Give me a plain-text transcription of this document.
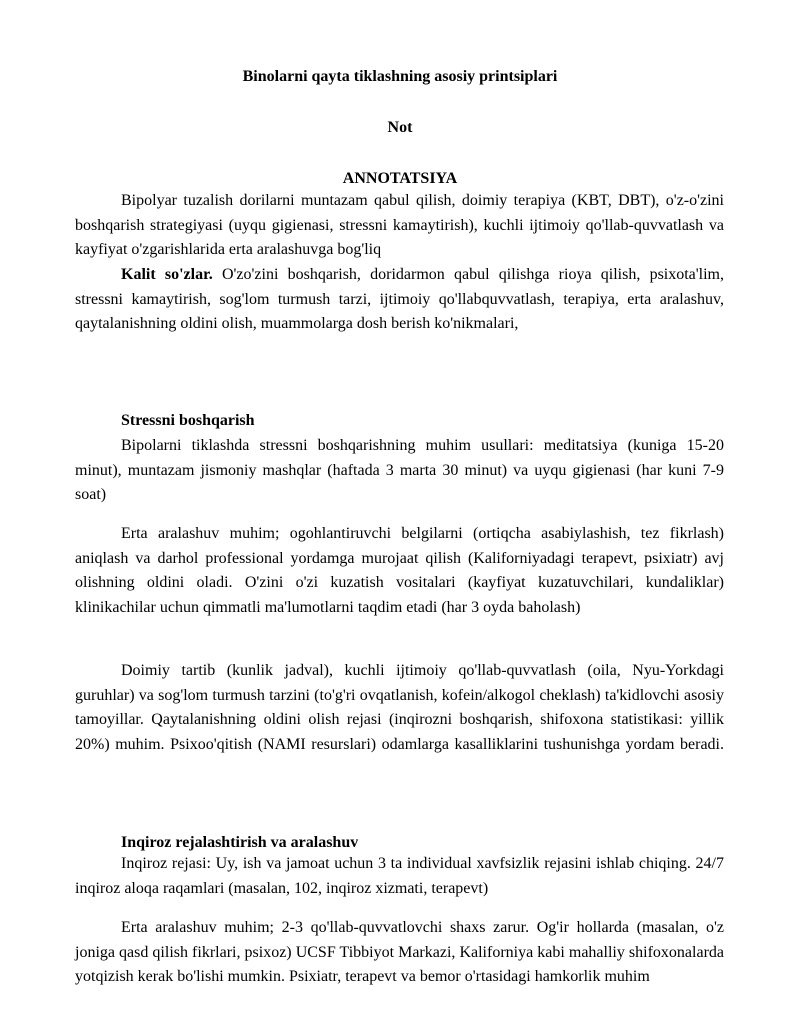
Binolarni qayta tiklashning asosiy printsiplari

Not

ANNOTATSIYA

Bipolyar tuzalish dorilarni muntazam qabul qilish, doimiy terapiya (KBT, DBT), o'z-o'zini boshqarish strategiyasi (uyqu gigienasi, stressni kamaytirish), kuchli ijtimoiy qo'llab-quvvatlash va kayfiyat o'zgarishlarida erta aralashuvga bog'liq

Kalit so'zlar. O'zo'zini boshqarish, doridarmon qabul qilishga rioya qilish, psixota'lim, stressni kamaytirish, sog'lom turmush tarzi, ijtimoiy qo'llabquvvatlash, terapiya, erta aralashuv, qaytalanishning oldini olish, muammolarga dosh berish ko'nikmalari,

Stressni boshqarish

Bipolarni tiklashda stressni boshqarishning muhim usullari: meditatsiya (kuniga 15-20 minut), muntazam jismoniy mashqlar (haftada 3 marta 30 minut) va uyqu gigienasi (har kuni 7-9 soat)

Erta aralashuv muhim; ogohlantiruvchi belgilarni (ortiqcha asabiylashish, tez fikrlash) aniqlash va darhol professional yordamga murojaat qilish (Kaliforniyadagi terapevt, psixiatr) avj olishning oldini oladi. O'zini o'zi kuzatish vositalari (kayfiyat kuzatuvchilari, kundaliklar) klinikachilar uchun qimmatli ma'lumotlarni taqdim etadi (har 3 oyda baholash)

Doimiy tartib (kunlik jadval), kuchli ijtimoiy qo'llab-quvvatlash (oila, Nyu-Yorkdagi guruhlar) va sog'lom turmush tarzini (to'g'ri ovqatlanish, kofein/alkogol cheklash) ta'kidlovchi asosiy tamoyillar. Qaytalanishning oldini olish rejasi (inqirozni boshqarish, shifoxona statistikasi: yillik 20%) muhim. Psixoo'qitish (NAMI resurslari) odamlarga kasalliklarini tushunishga yordam beradi.

Inqiroz rejalashtirish va aralashuv

Inqiroz rejasi: Uy, ish va jamoat uchun 3 ta individual xavfsizlik rejasini ishlab chiqing. 24/7 inqiroz aloqa raqamlari (masalan, 102, inqiroz xizmati, terapevt)

Erta aralashuv muhim; 2-3 qo'llab-quvvatlovchi shaxs zarur. Og'ir hollarda (masalan, o'z joniga qasd qilish fikrlari, psixoz) UCSF Tibbiyot Markazi, Kaliforniya kabi mahalliy shifoxonalarda yotqizish kerak bo'lishi mumkin. Psixiatr, terapevt va bemor o'rtasidagi hamkorlik muhim
